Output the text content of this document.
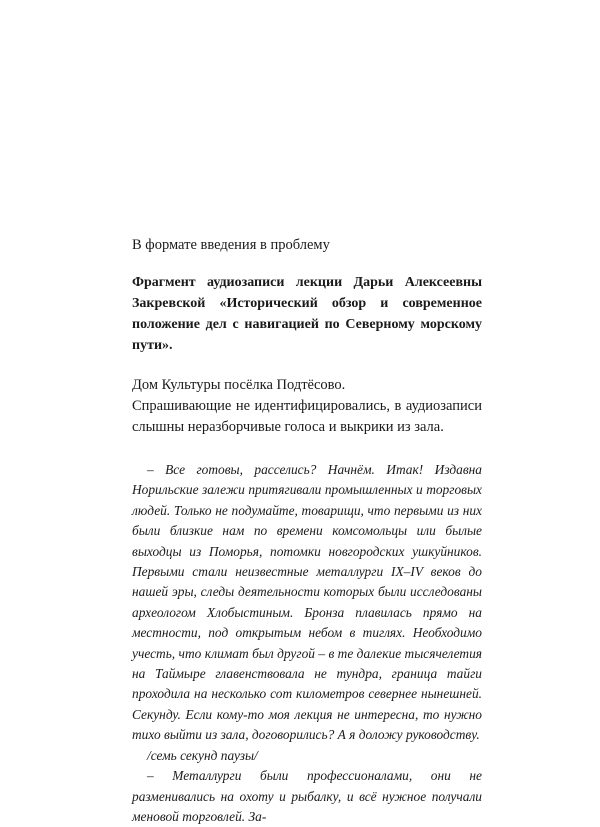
В формате введения в проблему

Фрагмент аудиозаписи лекции Дарьи Алексеевны Закревской «Исторический обзор и современное положение дел с навигацией по Северному морскому пути».

Дом Культуры посёлка Подтёсово.

Спрашивающие не идентифицировались, в аудиозаписи слышны неразборчивые голоса и выкрики из зала.

– Все готовы, расселись? Начнём. Итак! Издавна Норильские залежи притягивали промышленных и торговых людей. Только не подумайте, товарищи, что первыми из них были близкие нам по времени комсомольцы или былые выходцы из Поморья, потомки новгородских ушкуйников. Первыми стали неизвестные металлурги IX–IV веков до нашей эры, следы деятельности которых были исследованы археологом Хлобыстиным. Бронза плавилась прямо на местности, под открытым небом в тиглях. Необходимо учесть, что климат был другой – в те далекие тысячелетия на Таймыре главенствовала не тундра, граница тайги проходила на несколько сот километров севернее нынешней. Секунду. Если кому-то моя лекция не интересна, то нужно тихо выйти из зала, договорились? А я доложу руководству.

/семь секунд паузы/

– Металлурги были профессионалами, они не разменивались на охоту и рыбалку, и всё нужное получали меновой торговлей. За-
